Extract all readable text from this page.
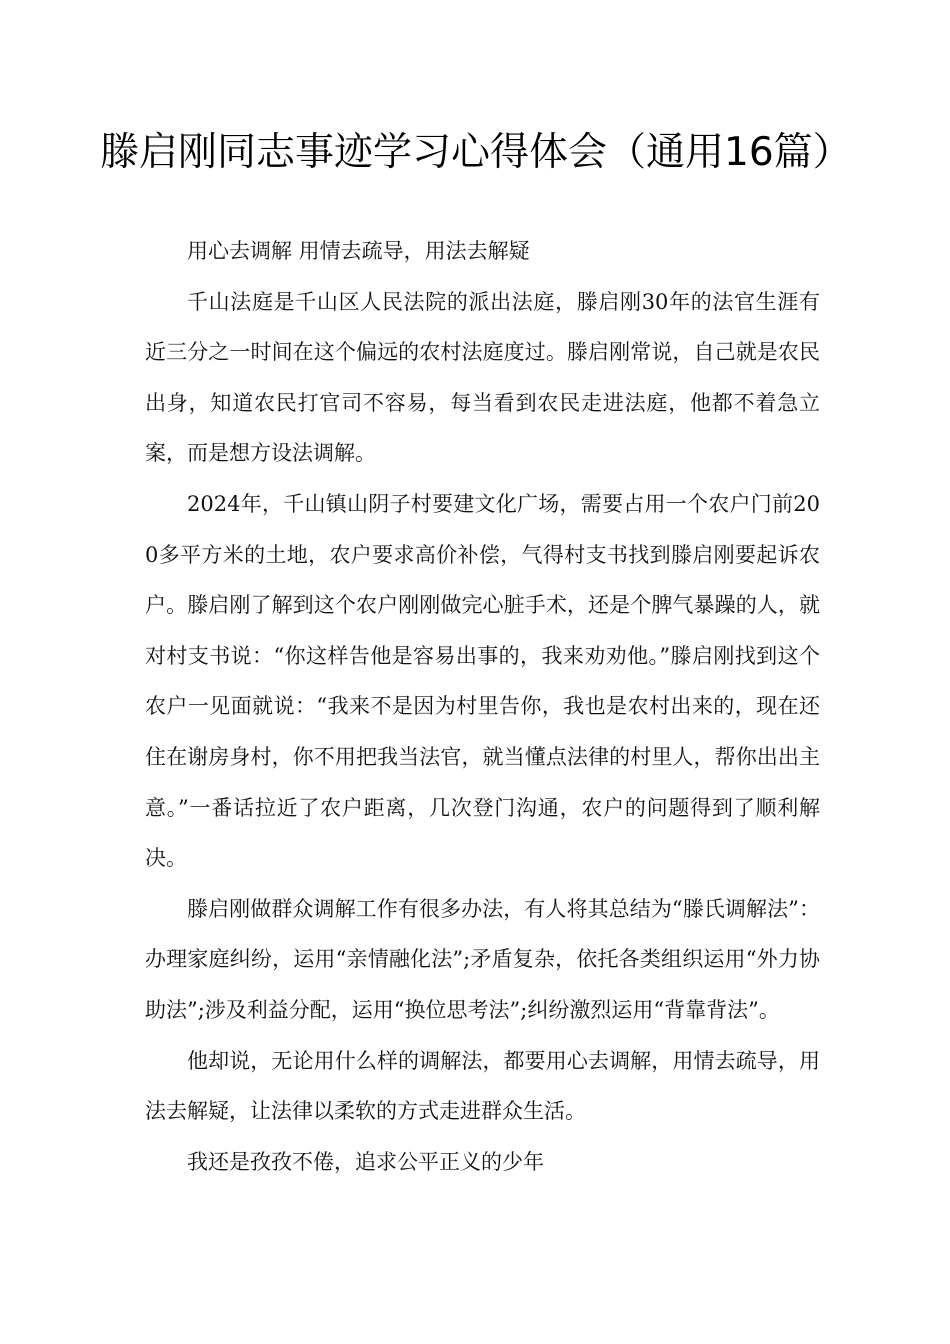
滕启刚同志事迹学习心得体会（通用16篇）

用心去调解 用情去疏导，用法去解疑

千山法庭是千山区人民法院的派出法庭，滕启刚30年的法官生涯有近三分之一时间在这个偏远的农村法庭度过。滕启刚常说，自己就是农民出身，知道农民打官司不容易，每当看到农民走进法庭，他都不着急立案，而是想方设法调解。

2024年，千山镇山阴子村要建文化广场，需要占用一个农户门前200多平方米的土地，农户要求高价补偿，气得村支书找到滕启刚要起诉农户。滕启刚了解到这个农户刚刚做完心脏手术，还是个脾气暴躁的人，就对村支书说：“你这样告他是容易出事的，我来劝劝他。”滕启刚找到这个农户一见面就说：“我来不是因为村里告你，我也是农村出来的，现在还住在谢房身村，你不用把我当法官，就当懂点法律的村里人，帮你出出主意。”一番话拉近了农户距离，几次登门沟通，农户的问题得到了顺利解决。

滕启刚做群众调解工作有很多办法，有人将其总结为“滕氏调解法”：办理家庭纠纷，运用“亲情融化法”;矛盾复杂，依托各类组织运用“外力协助法”;涉及利益分配，运用“换位思考法”;纠纷激烈运用“背靠背法”。

他却说，无论用什么样的调解法，都要用心去调解，用情去疏导，用法去解疑，让法律以柔软的方式走进群众生活。

我还是孜孜不倦，追求公平正义的少年
